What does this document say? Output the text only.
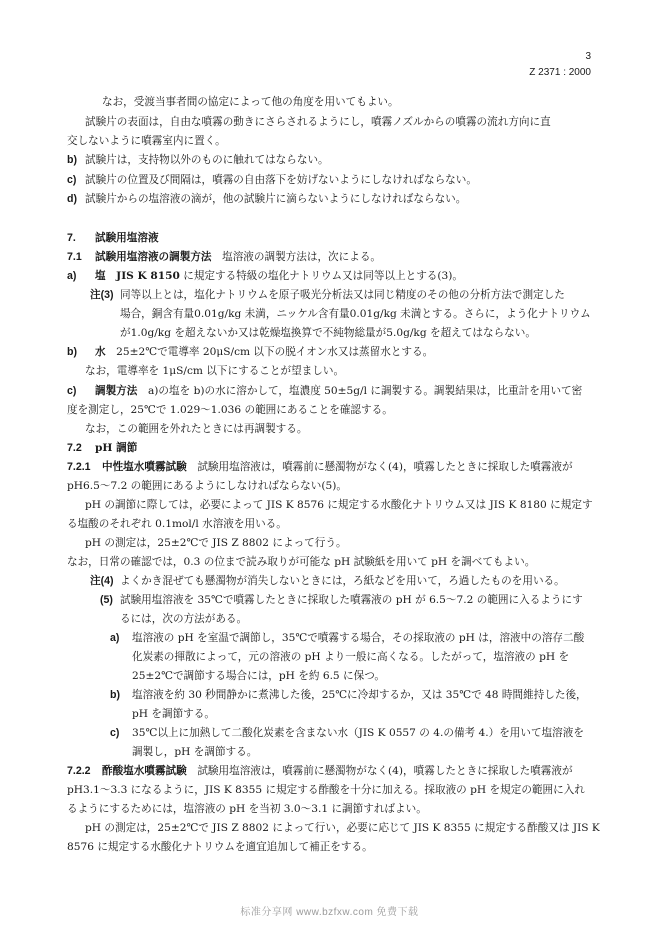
3
Z 2371 : 2000
なお，受渡当事者間の協定によって他の角度を用いてもよい。
試験片の表面は，自由な噴霧の動きにさらされるようにし，噴霧ノズルからの噴霧の流れ方向に直
交しないように噴霧室内に置く。
b) 試験片は，支持物以外のものに触れてはならない。
c) 試験片の位置及び間隔は，噴霧の自由落下を妨げないようにしなければならない。
d) 試験片からの塩溶液の滴が，他の試験片に滴らないようにしなければならない。
7. 試験用塩溶液
7.1 試験用塩溶液の調製方法　塩溶液の調製方法は，次による。
a) 塩　JIS K 8150 に規定する特級の塩化ナトリウム又は同等以上とする(3)。
注(3) 同等以上とは，塩化ナトリウムを原子吸光分析法又は同じ精度のその他の分析方法で測定した
場合，銅含有量0.01g/kg 未満，ニッケル含有量0.01g/kg 未満とする。さらに，よう化ナトリウム
が1.0g/kg を超えないか又は乾燥塩換算で不純物総量が5.0g/kg を超えてはならない。
b) 水　25±2℃で電導率 20μS/cm 以下の脱イオン水又は蒸留水とする。
なお，電導率を 1μS/cm 以下にすることが望ましい。
c) 調製方法　a)の塩を b)の水に溶かして，塩濃度 50±5g/l に調製する。調製結果は，比重計を用いて密
度を測定し，25℃で 1.029～1.036 の範囲にあることを確認する。
なお，この範囲を外れたときには再調製する。
7.2 pH 調節
7.2.1 中性塩水噴霧試験　試験用塩溶液は，噴霧前に懸濁物がなく(4)，噴霧したときに採取した噴霧液が
pH6.5～7.2 の範囲にあるようにしなければならない(5)。
pH の調節に際しては，必要によって JIS K 8576 に規定する水酸化ナトリウム又は JIS K 8180 に規定す
る塩酸のそれぞれ 0.1mol/l 水溶液を用いる。
pH の測定は，25±2℃で JIS Z 8802 によって行う。
なお，日常の確認では，0.3 の位まで読み取りが可能な pH 試験紙を用いて pH を調べてもよい。
注(4) よくかき混ぜても懸濁物が消失しないときには，ろ紙などを用いて，ろ過したものを用いる。
(5) 試験用塩溶液を 35℃で噴霧したときに採取した噴霧液の pH が 6.5～7.2 の範囲に入るようにす
るには，次の方法がある。
a) 塩溶液の pH を室温で調節し，35℃で噴霧する場合，その採取液の pH は，溶液中の溶存二酸
化炭素の揮散によって，元の溶液の pH より一般に高くなる。したがって，塩溶液の pH を
25±2℃で調節する場合には，pH を約 6.5 に保つ。
b) 塩溶液を約 30 秒間静かに煮沸した後，25℃に冷却するか，又は 35℃で 48 時間維持した後，
pH を調節する。
c) 35℃以上に加熱して二酸化炭素を含まない水（JIS K 0557 の 4.の備考 4.）を用いて塩溶液を
調製し，pH を調節する。
7.2.2 酢酸塩水噴霧試験　試験用塩溶液は，噴霧前に懸濁物がなく(4)，噴霧したときに採取した噴霧液が
pH3.1～3.3 になるように，JIS K 8355 に規定する酢酸を十分に加える。採取液の pH を規定の範囲に入れ
るようにするためには，塩溶液の pH を当初 3.0～3.1 に調節すればよい。
pH の測定は，25±2℃で JIS Z 8802 によって行い，必要に応じて JIS K 8355 に規定する酢酸又は JIS K
8576 に規定する水酸化ナトリウムを適宜追加して補正をする。
标准分享网 www.bzfxw.com 免费下载
